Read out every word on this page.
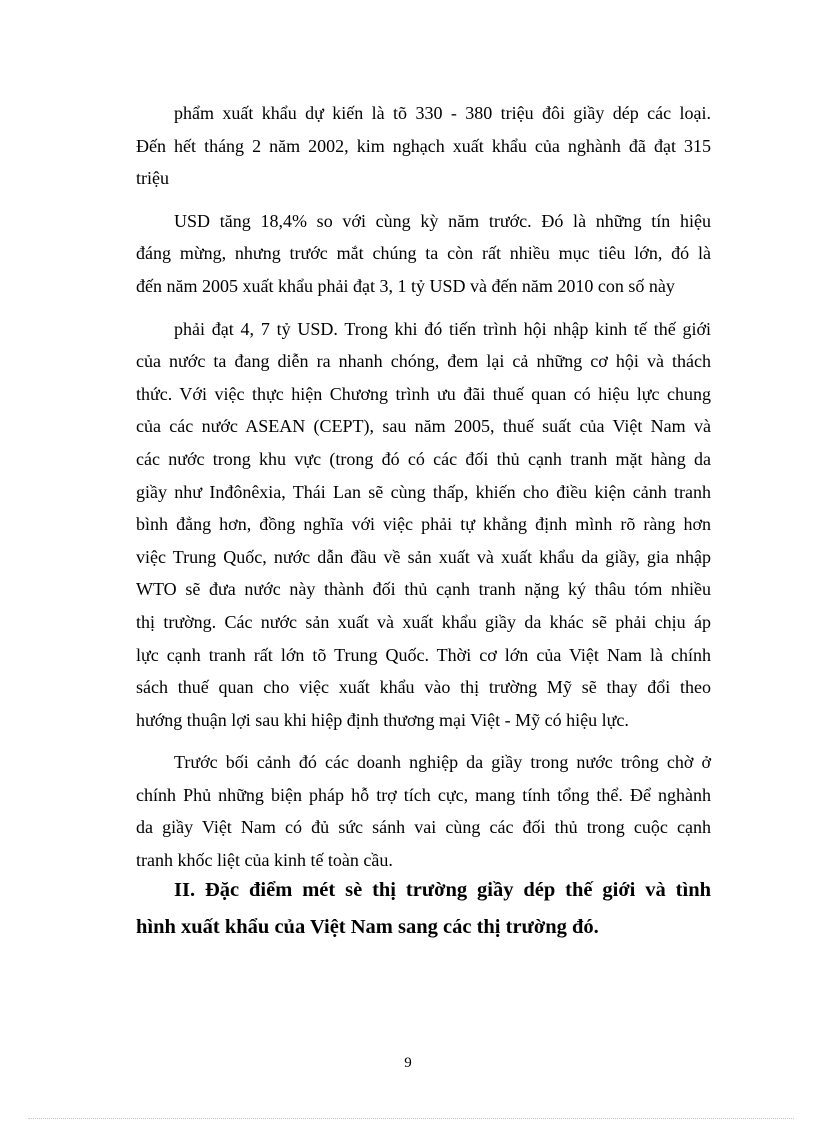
phẩm xuất khẩu dự kiến là tõ 330 - 380 triệu đôi giầy dép các loại.
Đến hết tháng 2 năm 2002, kim nghạch xuất khẩu của nghành đã đạt 315
triệu

USD tăng 18,4% so với cùng kỳ năm trước. Đó là những tín hiệu
đáng mừng, nhưng trước mắt chúng ta còn rất nhiều mục tiêu lớn, đó là
đến năm 2005 xuất khẩu phải đạt 3, 1 tỷ USD và đến năm 2010 con số này

phải đạt 4, 7 tỷ USD. Trong khi đó tiến trình hội nhập kinh tế thế giới
của nước ta đang diễn ra nhanh chóng, đem lại cả những cơ hội và thách
thức. Với việc thực hiện Chương trình ưu đãi thuế quan có hiệu lực chung
của các nước ASEAN (CEPT), sau năm 2005, thuế suất của Việt Nam và
các nước trong khu vực (trong đó có các đối thủ cạnh tranh mặt hàng da
giầy như Inđônêxia, Thái Lan sẽ cùng thấp, khiến cho điều kiện cảnh tranh
bình đẳng hơn, đồng nghĩa với việc phải tự khẳng định mình rõ ràng hơn
việc Trung Quốc, nước dẫn đầu về sản xuất và xuất khẩu da giầy, gia nhập
WTO sẽ đưa nước này thành đối thủ cạnh tranh nặng ký thâu tóm nhiều
thị trường. Các nước sản xuất và xuất khẩu giầy da khác sẽ phải chịu áp
lực cạnh tranh rất lớn tõ Trung Quốc. Thời cơ lớn của Việt Nam là chính
sách thuế quan cho việc xuất khẩu vào thị trường Mỹ sẽ thay đổi theo
hướng thuận lợi sau khi hiệp định thương mại Việt - Mỹ có hiệu lực.

Trước bối cảnh đó các doanh nghiệp da giầy trong nước trông chờ ở
chính Phủ những biện pháp hỗ trợ tích cực, mang tính tổng thể. Để nghành
da giầy Việt Nam có đủ sức sánh vai cùng các đối thủ trong cuộc cạnh
tranh khốc liệt của kinh tế toàn cầu.

II. Đặc điểm mét sè thị trường giầy dép thế giới và tình
hình xuất khẩu của Việt Nam sang các thị trường đó.
9
